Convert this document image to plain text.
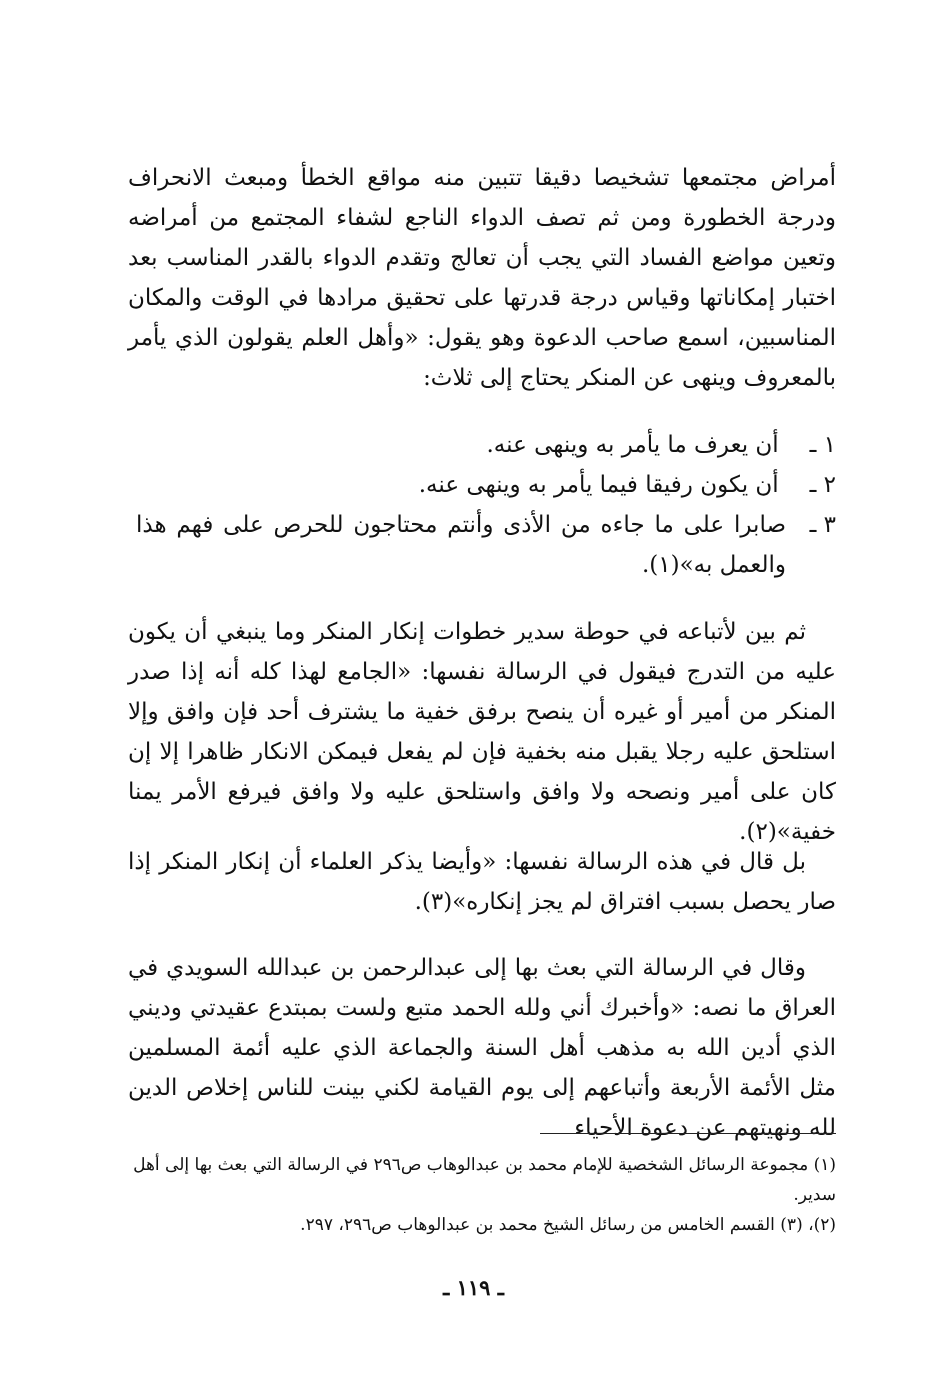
أمراض مجتمعها تشخيصا دقيقا تتبين منه مواقع الخطأ ومبعث الانحراف ودرجة الخطورة ومن ثم تصف الدواء الناجع لشفاء المجتمع من أمراضه وتعين مواضع الفساد التي يجب أن تعالج وتقدم الدواء بالقدر المناسب بعد اختبار إمكاناتها وقياس درجة قدرتها على تحقيق مرادها في الوقت والمكان المناسبين، اسمع صاحب الدعوة وهو يقول: «وأهل العلم يقولون الذي يأمر بالمعروف وينهى عن المنكر يحتاج إلى ثلاث:

١ ـ أن يعرف ما يأمر به وينهى عنه.
٢ ـ أن يكون رفيقا فيما يأمر به وينهى عنه.
٣ ـصابرا على ما جاءه من الأذى وأنتم محتاجون للحرص على فهم هذا والعمل به»(١).

ثم بين لأتباعه في حوطة سدير خطوات إنكار المنكر وما ينبغي أن يكون عليه من التدرج فيقول في الرسالة نفسها: «الجامع لهذا كله أنه إذا صدر المنكر من أمير أو غيره أن ينصح برفق خفية ما يشترف أحد فإن وافق وإلا استلحق عليه رجلا يقبل منه بخفية فإن لم يفعل فيمكن الانكار ظاهرا إلا إن كان على أمير ونصحه ولا وافق واستلحق عليه ولا وافق فيرفع الأمر يمنا خفية»(٢).

بل قال في هذه الرسالة نفسها: «وأيضا يذكر العلماء أن إنكار المنكر إذا صار يحصل بسبب افتراق لم يجز إنكاره»(٣).

وقال في الرسالة التي بعث بها إلى عبدالرحمن بن عبدالله السويدي في العراق ما نصه: «وأخبرك أني ولله الحمد متبع ولست بمبتدع عقيدتي وديني الذي أدين الله به مذهب أهل السنة والجماعة الذي عليه أئمة المسلمين مثل الأئمة الأربعة وأتباعهم إلى يوم القيامة لكني بينت للناس إخلاص الدين لله ونهيتهم عن دعوة الأحياء

(١) مجموعة الرسائل الشخصية للإمام محمد بن عبدالوهاب ص٢٩٦ في الرسالة التي بعث بها إلى أهل سدير.

(٢)، (٣) القسم الخامس من رسائل الشيخ محمد بن عبدالوهاب ص٢٩٦، ٢٩٧.

ـ ١١٩ ـ
